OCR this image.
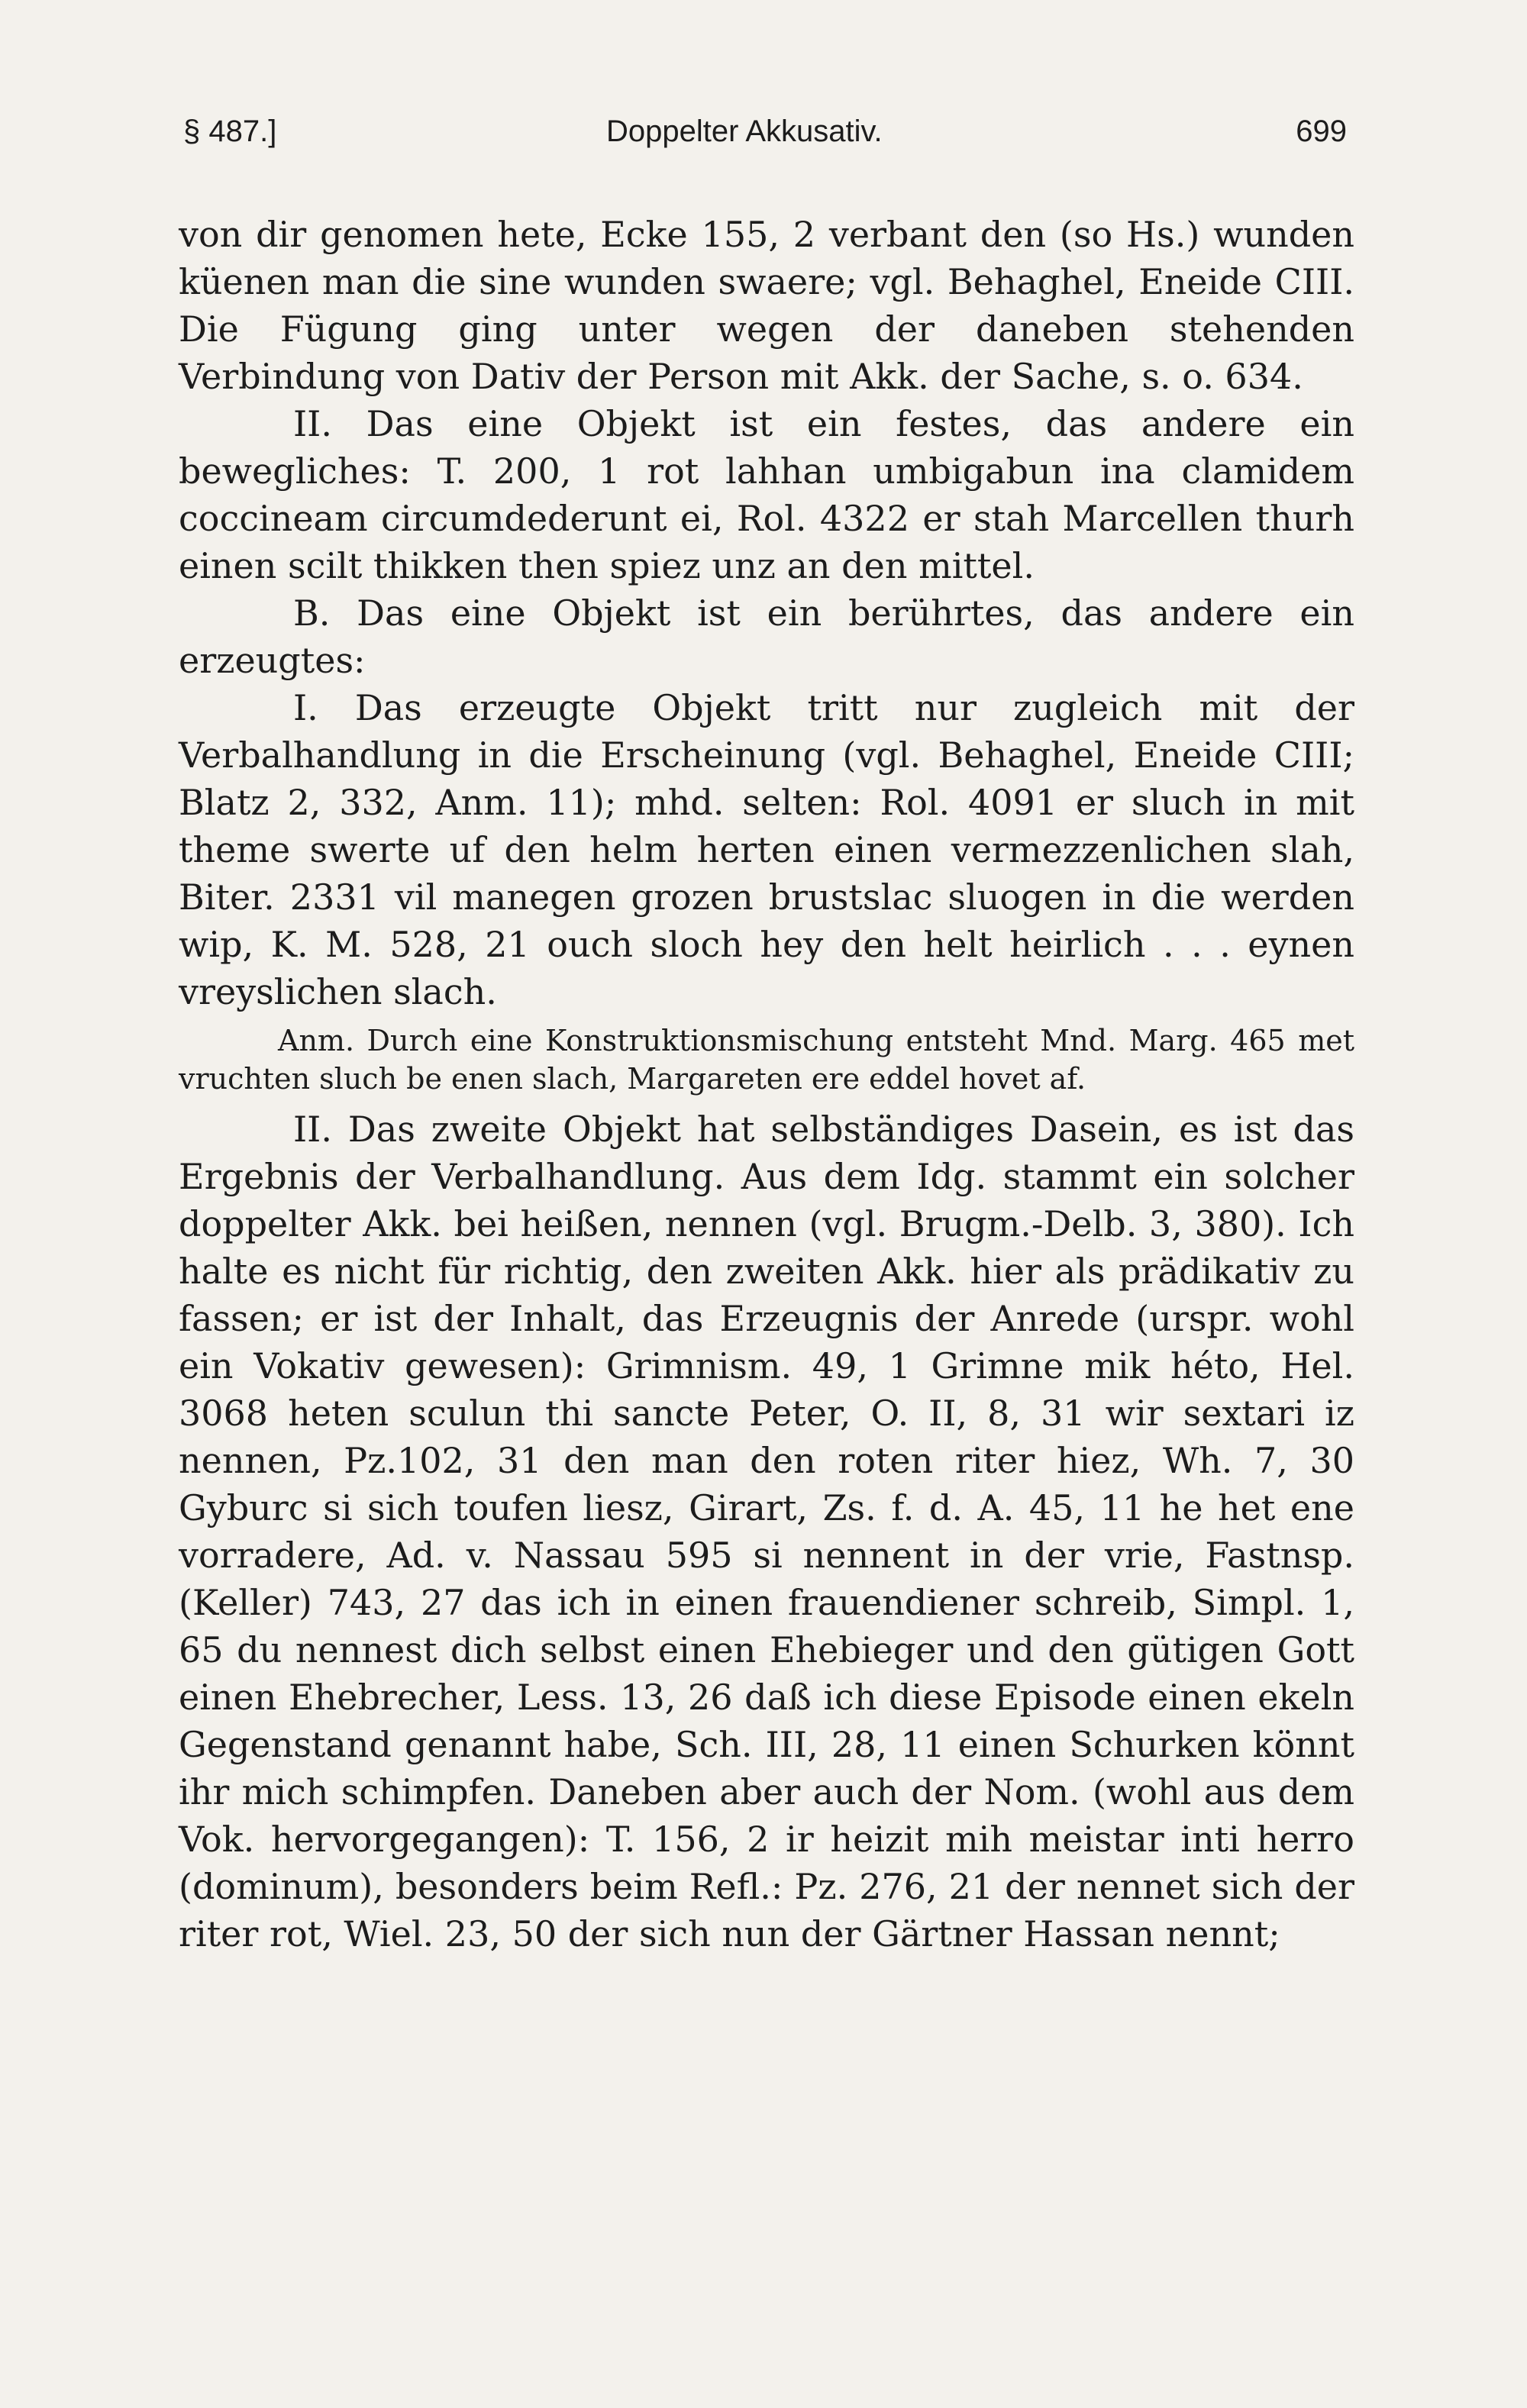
§ 487.]	Doppelter Akkusativ.	699

von dir genomen hete, Ecke 155, 2 verbant den (so Hs.) wunden küenen man die sine wunden swaere; vgl. Behaghel, Eneide CIII. Die Fügung ging unter wegen der daneben stehenden Verbindung von Dativ der Person mit Akk. der Sache, s. o. 634.

II. Das eine Objekt ist ein festes, das andere ein bewegliches: T. 200, 1 rot lahhan umbigabun ina clamidem coccineam circumdederunt ei, Rol. 4322 er stah Marcellen thurh einen scilt thikken then spiez unz an den mittel.

B. Das eine Objekt ist ein berührtes, das andere ein erzeugtes:

I. Das erzeugte Objekt tritt nur zugleich mit der Verbalhandlung in die Erscheinung (vgl. Behaghel, Eneide CIII; Blatz 2, 332, Anm. 11); mhd. selten: Rol. 4091 er sluch in mit theme swerte uf den helm herten einen vermezzenlichen slah, Biter. 2331 vil manegen grozen brustslac sluogen in die werden wip, K. M. 528, 21 ouch sloch hey den helt heirlich . . . eynen vreyslichen slach.

Anm. Durch eine Konstruktionsmischung entsteht Mnd. Marg. 465 met vruchten sluch be enen slach, Margareten ere eddel hovet af.

II. Das zweite Objekt hat selbständiges Dasein, es ist das Ergebnis der Verbalhandlung. Aus dem Idg. stammt ein solcher doppelter Akk. bei heißen, nennen (vgl. Brugm.-Delb. 3, 380). Ich halte es nicht für richtig, den zweiten Akk. hier als prädikativ zu fassen; er ist der Inhalt, das Erzeugnis der Anrede (urspr. wohl ein Vokativ gewesen): Grimnism. 49, 1 Grimne mik héto, Hel. 3068 heten sculun thi sancte Peter, O. II, 8, 31 wir sextari iz nennen, Pz.102, 31 den man den roten riter hiez, Wh. 7, 30 Gyburc si sich toufen liesz, Girart, Zs. f. d. A. 45, 11 he het ene vorradere, Ad. v. Nassau 595 si nennent in der vrie, Fastnsp. (Keller) 743, 27 das ich in einen frauendiener schreib, Simpl. 1, 65 du nennest dich selbst einen Ehebieger und den gütigen Gott einen Ehebrecher, Less. 13, 26 daß ich diese Episode einen ekeln Gegenstand genannt habe, Sch. III, 28, 11 einen Schurken könnt ihr mich schimpfen. Daneben aber auch der Nom. (wohl aus dem Vok. hervorgegangen): T. 156, 2 ir heizit mih meistar inti herro (dominum), besonders beim Refl.: Pz. 276, 21 der nennet sich der riter rot, Wiel. 23, 50 der sich nun der Gärtner Hassan nennt;
